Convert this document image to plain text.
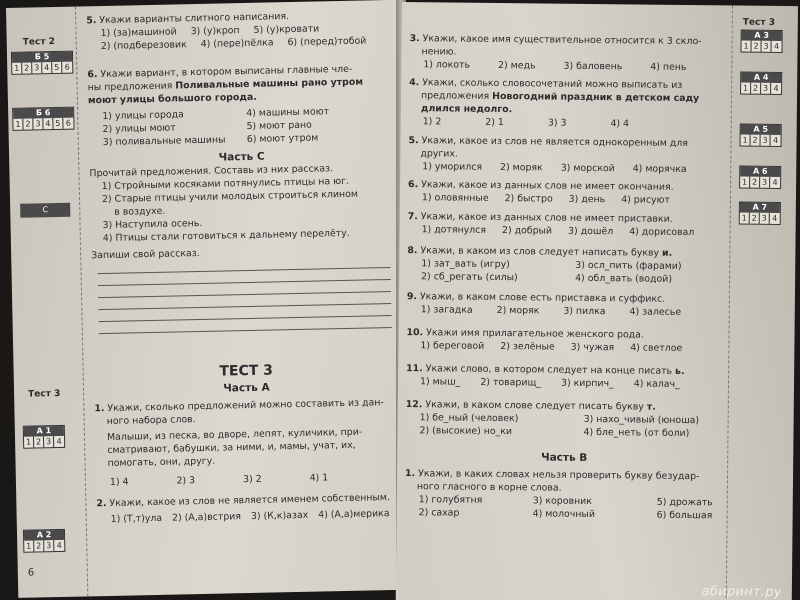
Тест 2
Б 5
1 2 3 4 5 6
Б 6
1 2 3 4 5 6
С
Тест 3
А 1
1 2 3 4
А 2
1 2 3 4
5. Укажи варианты слитного написания.
1) (за)машиной 3) (у)кроп 5) (у)кровати
2) (подберезовик 4) (пере)пёлка 6) (перед)тобой
6. Укажи вариант, в котором выписаны главные чле-
ны предложения Поливальные машины рано утром моют улицы большого города.
1) улицы города	4) машины моют
2) улицы моют	5) моют рано
3) поливальные машины	6) моют утром
Часть С
Прочитай предложения. Составь из них рассказ.
1) Стройными косяками потянулись птицы на юг.
2) Старые птицы учили молодых строиться клином
в воздухе.
3) Наступила осень.
4) Птицы стали готовиться к дальнему перелёту.
Запиши свой рассказ.
ТЕСТ 3
Часть А
1. Укажи, сколько предложений можно составить из дан-
ного набора слов.
Малыши, из песка, во дворе, лепят, куличики, при-
сматривают, бабушки, за ними, и, мамы, учат, их,
помогать, они, другу.
1) 4	2) 3	3) 2	4) 1
2. Укажи, какое из слов не является именем собственным.
1) (Т,т)ула 2) (А,а)встрия 3) (К,к)азах 4) (А,а)мерика
6
3. Укажи, какое имя существительное относится к 3 скло-
нению.
1) локоть	2) медь	3) баловень	4) пень
4. Укажи, сколько словосочетаний можно выписать из
предложения Новогодний праздник в детском саду длился недолго.
1) 2	2) 1	3) 3	4) 4
5. Укажи, какое из слов не является однокоренным для
других.
1) уморился 2) моряк 3) морской 4) морячка
6. Укажи, какое из данных слов не имеет окончания.
1) оловянные 2) быстро 3) день 4) рисуют
7. Укажи, какое из данных слов не имеет приставки.
1) дотянулся 2) добрый 3) дошёл 4) дорисовал
8. Укажи, в каком из слов следует написать букву и.
1) зат_вать (игру)	3) осл_пить (фарами)
2) сб_регать (силы)	4) обл_вать (водой)
9. Укажи, в каком слове есть приставка и суффикс.
1) загадка	2) моряк	3) пилка	4) залесье
10. Укажи имя прилагательное женского рода.
1) береговой 2) зелёные 3) чужая 4) светлое
11. Укажи слово, в котором следует на конце писать ь.
1) мыш_ 2) товарищ_ 3) кирпич_ 4) калач_
12. Укажи, в каком слове следует писать букву т.
1) бе_ный (человек)	3) нахо_чивый (юноша)
2) (высокие) но_ки	4) бле_неть (от боли)
Часть В
1. Укажи, в каких словах нельзя проверить букву безудар-
ного гласного в корне слова.
1) голубятня	3) коровник	5) дрожать
2) сахар	4) молочный	6) большая
Тест 3
А 3
1 2 3 4
А 4
1 2 3 4
А 5
1 2 3 4
А 6
1 2 3 4
А 7
1 2 3 4
абиринт.ру
